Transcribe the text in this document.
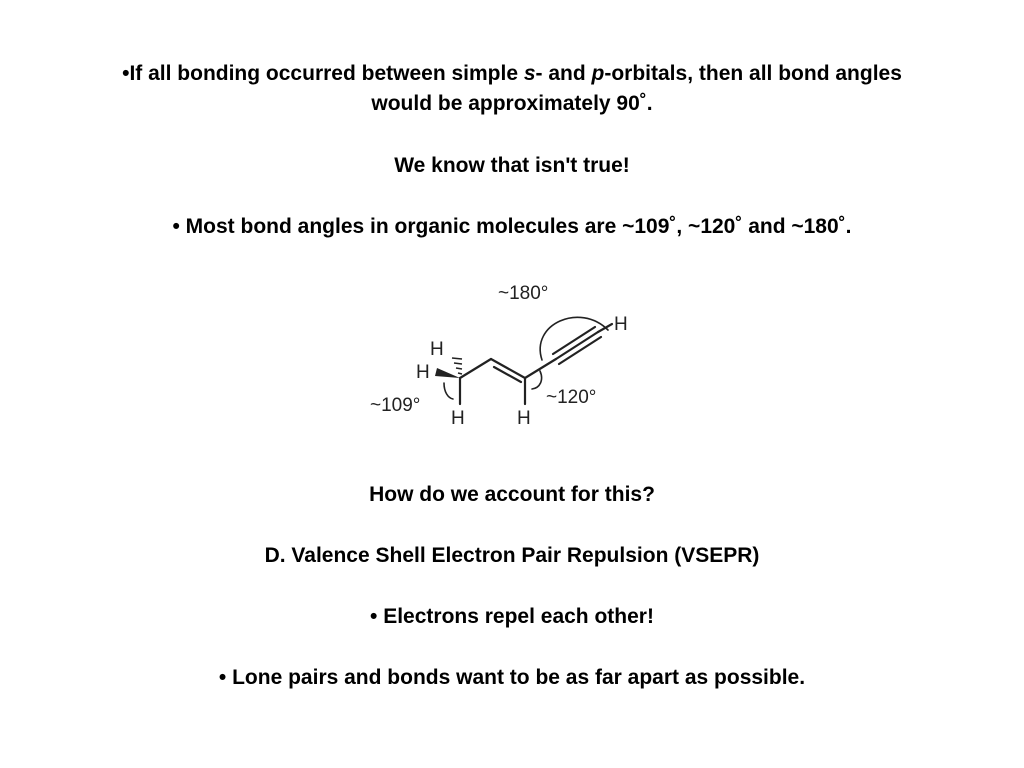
•If all bonding occurred between simple s- and p-orbitals, then all bond angles
would be approximately 90˚.
We know that isn't true!
• Most bond angles in organic molecules are ~109˚, ~120˚ and ~180˚.
H
H
H	H
H
~180°
~120°
~109°
How do we account for this?
D. Valence Shell Electron Pair Repulsion (VSEPR)
• Electrons repel each other!
• Lone pairs and bonds want to be as far apart as possible.
